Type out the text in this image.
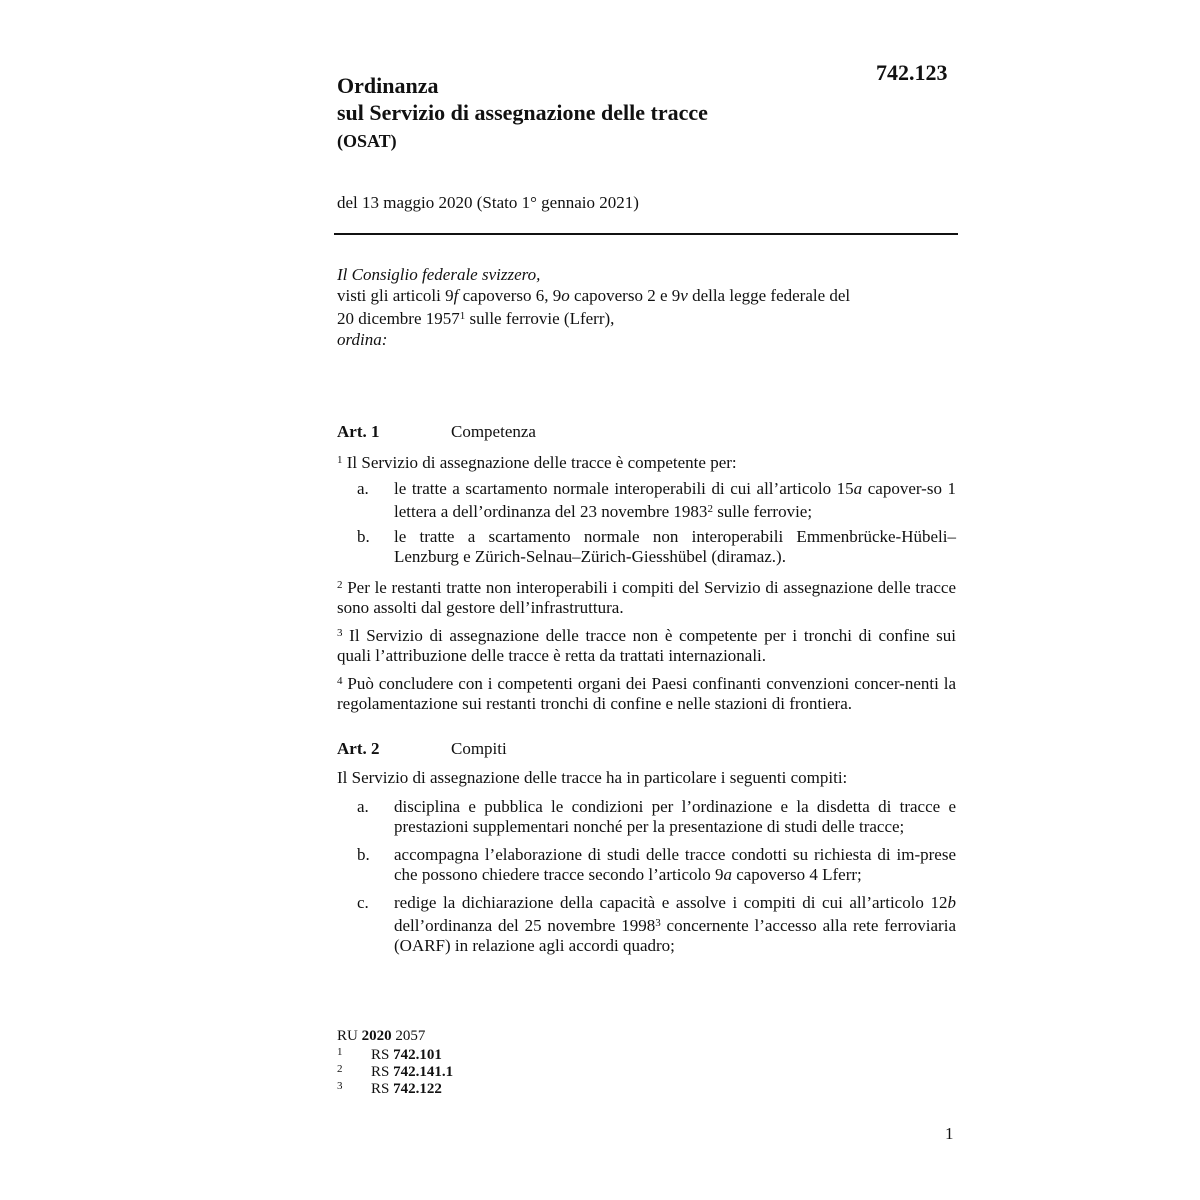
742.123
Ordinanza
sul Servizio di assegnazione delle tracce
(OSAT)
del 13 maggio 2020 (Stato 1° gennaio 2021)
Il Consiglio federale svizzero,
visti gli articoli 9f capoverso 6, 9o capoverso 2 e 9v della legge federale del
20 dicembre 1957$^1$ sulle ferrovie (Lferr),
ordina:
Art. 1	Competenza
$^1$ Il Servizio di assegnazione delle tracce è competente per:
a. le tratte a scartamento normale interoperabili di cui all’articolo 15a capover-so 1 lettera a dell’ordinanza del 23 novembre 1983$^2$ sulle ferrovie;
b. le tratte a scartamento normale non interoperabili Emmenbrücke-Hübeli–Lenzburg e Zürich-Selnau–Zürich-Giesshübel (diramaz.).
$^2$ Per le restanti tratte non interoperabili i compiti del Servizio di assegnazione delle tracce sono assolti dal gestore dell’infrastruttura.
$^3$ Il Servizio di assegnazione delle tracce non è competente per i tronchi di confine sui quali l’attribuzione delle tracce è retta da trattati internazionali.
$^4$ Può concludere con i competenti organi dei Paesi confinanti convenzioni concer-nenti la regolamentazione sui restanti tronchi di confine e nelle stazioni di frontiera.
Art. 2	Compiti
Il Servizio di assegnazione delle tracce ha in particolare i seguenti compiti:
a. disciplina e pubblica le condizioni per l’ordinazione e la disdetta di tracce e prestazioni supplementari nonché per la presentazione di studi delle tracce;
b. accompagna l’elaborazione di studi delle tracce condotti su richiesta di im-prese che possono chiedere tracce secondo l’articolo 9a capoverso 4 Lferr;
c. redige la dichiarazione della capacità e assolve i compiti di cui all’articolo 12b dell’ordinanza del 25 novembre 1998$^3$ concernente l’accesso alla rete ferroviaria (OARF) in relazione agli accordi quadro;
RU 2020 2057
1 RS 742.101
2 RS 742.141.1
3 RS 742.122
1
